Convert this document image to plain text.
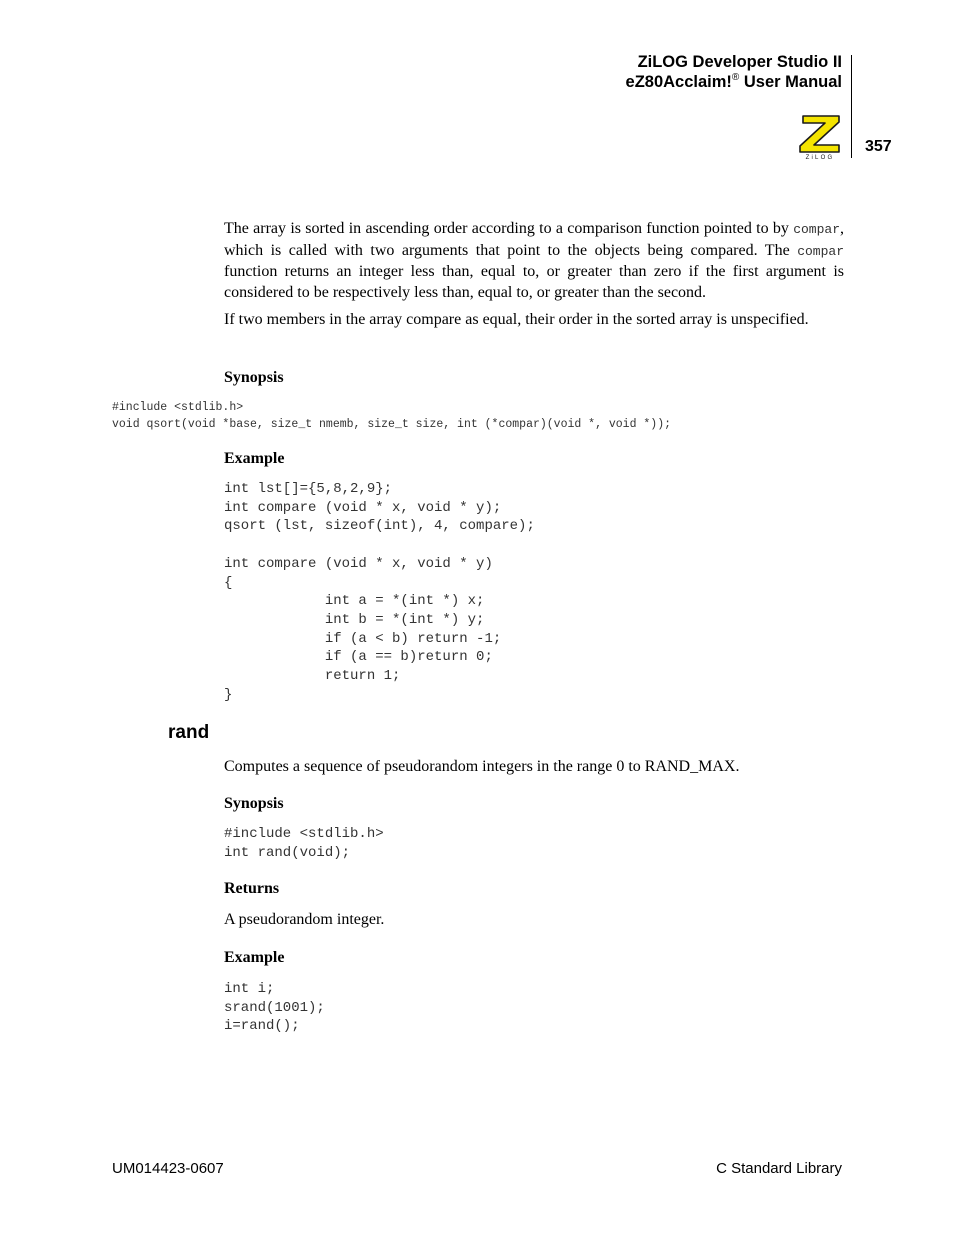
ZiLOG Developer Studio II
eZ80Acclaim!® User Manual
ZiLOG
357
The array is sorted in ascending order according to a comparison function pointed to by compar, which is called with two arguments that point to the objects being compared. The compar function returns an integer less than, equal to, or greater than zero if the first argument is considered to be respectively less than, equal to, or greater than the second.
If two members in the array compare as equal, their order in the sorted array is unspecified.
Synopsis
#include <stdlib.h>
void qsort(void *base, size_t nmemb, size_t size, int (*compar)(void *, void *));
Example
int lst[]={5,8,2,9};
int compare (void * x, void * y);
qsort (lst, sizeof(int), 4, compare);

int compare (void * x, void * y)
{
int a = *(int *) x;
int b = *(int *) y;
if (a < b) return -1;
if (a == b)return 0;
return 1;
}
rand
Computes a sequence of pseudorandom integers in the range 0 to RAND_MAX.
Synopsis
#include <stdlib.h>
int rand(void);
Returns
A pseudorandom integer.
Example
int i;
srand(1001);
i=rand();
UM014423-0607	C Standard Library
